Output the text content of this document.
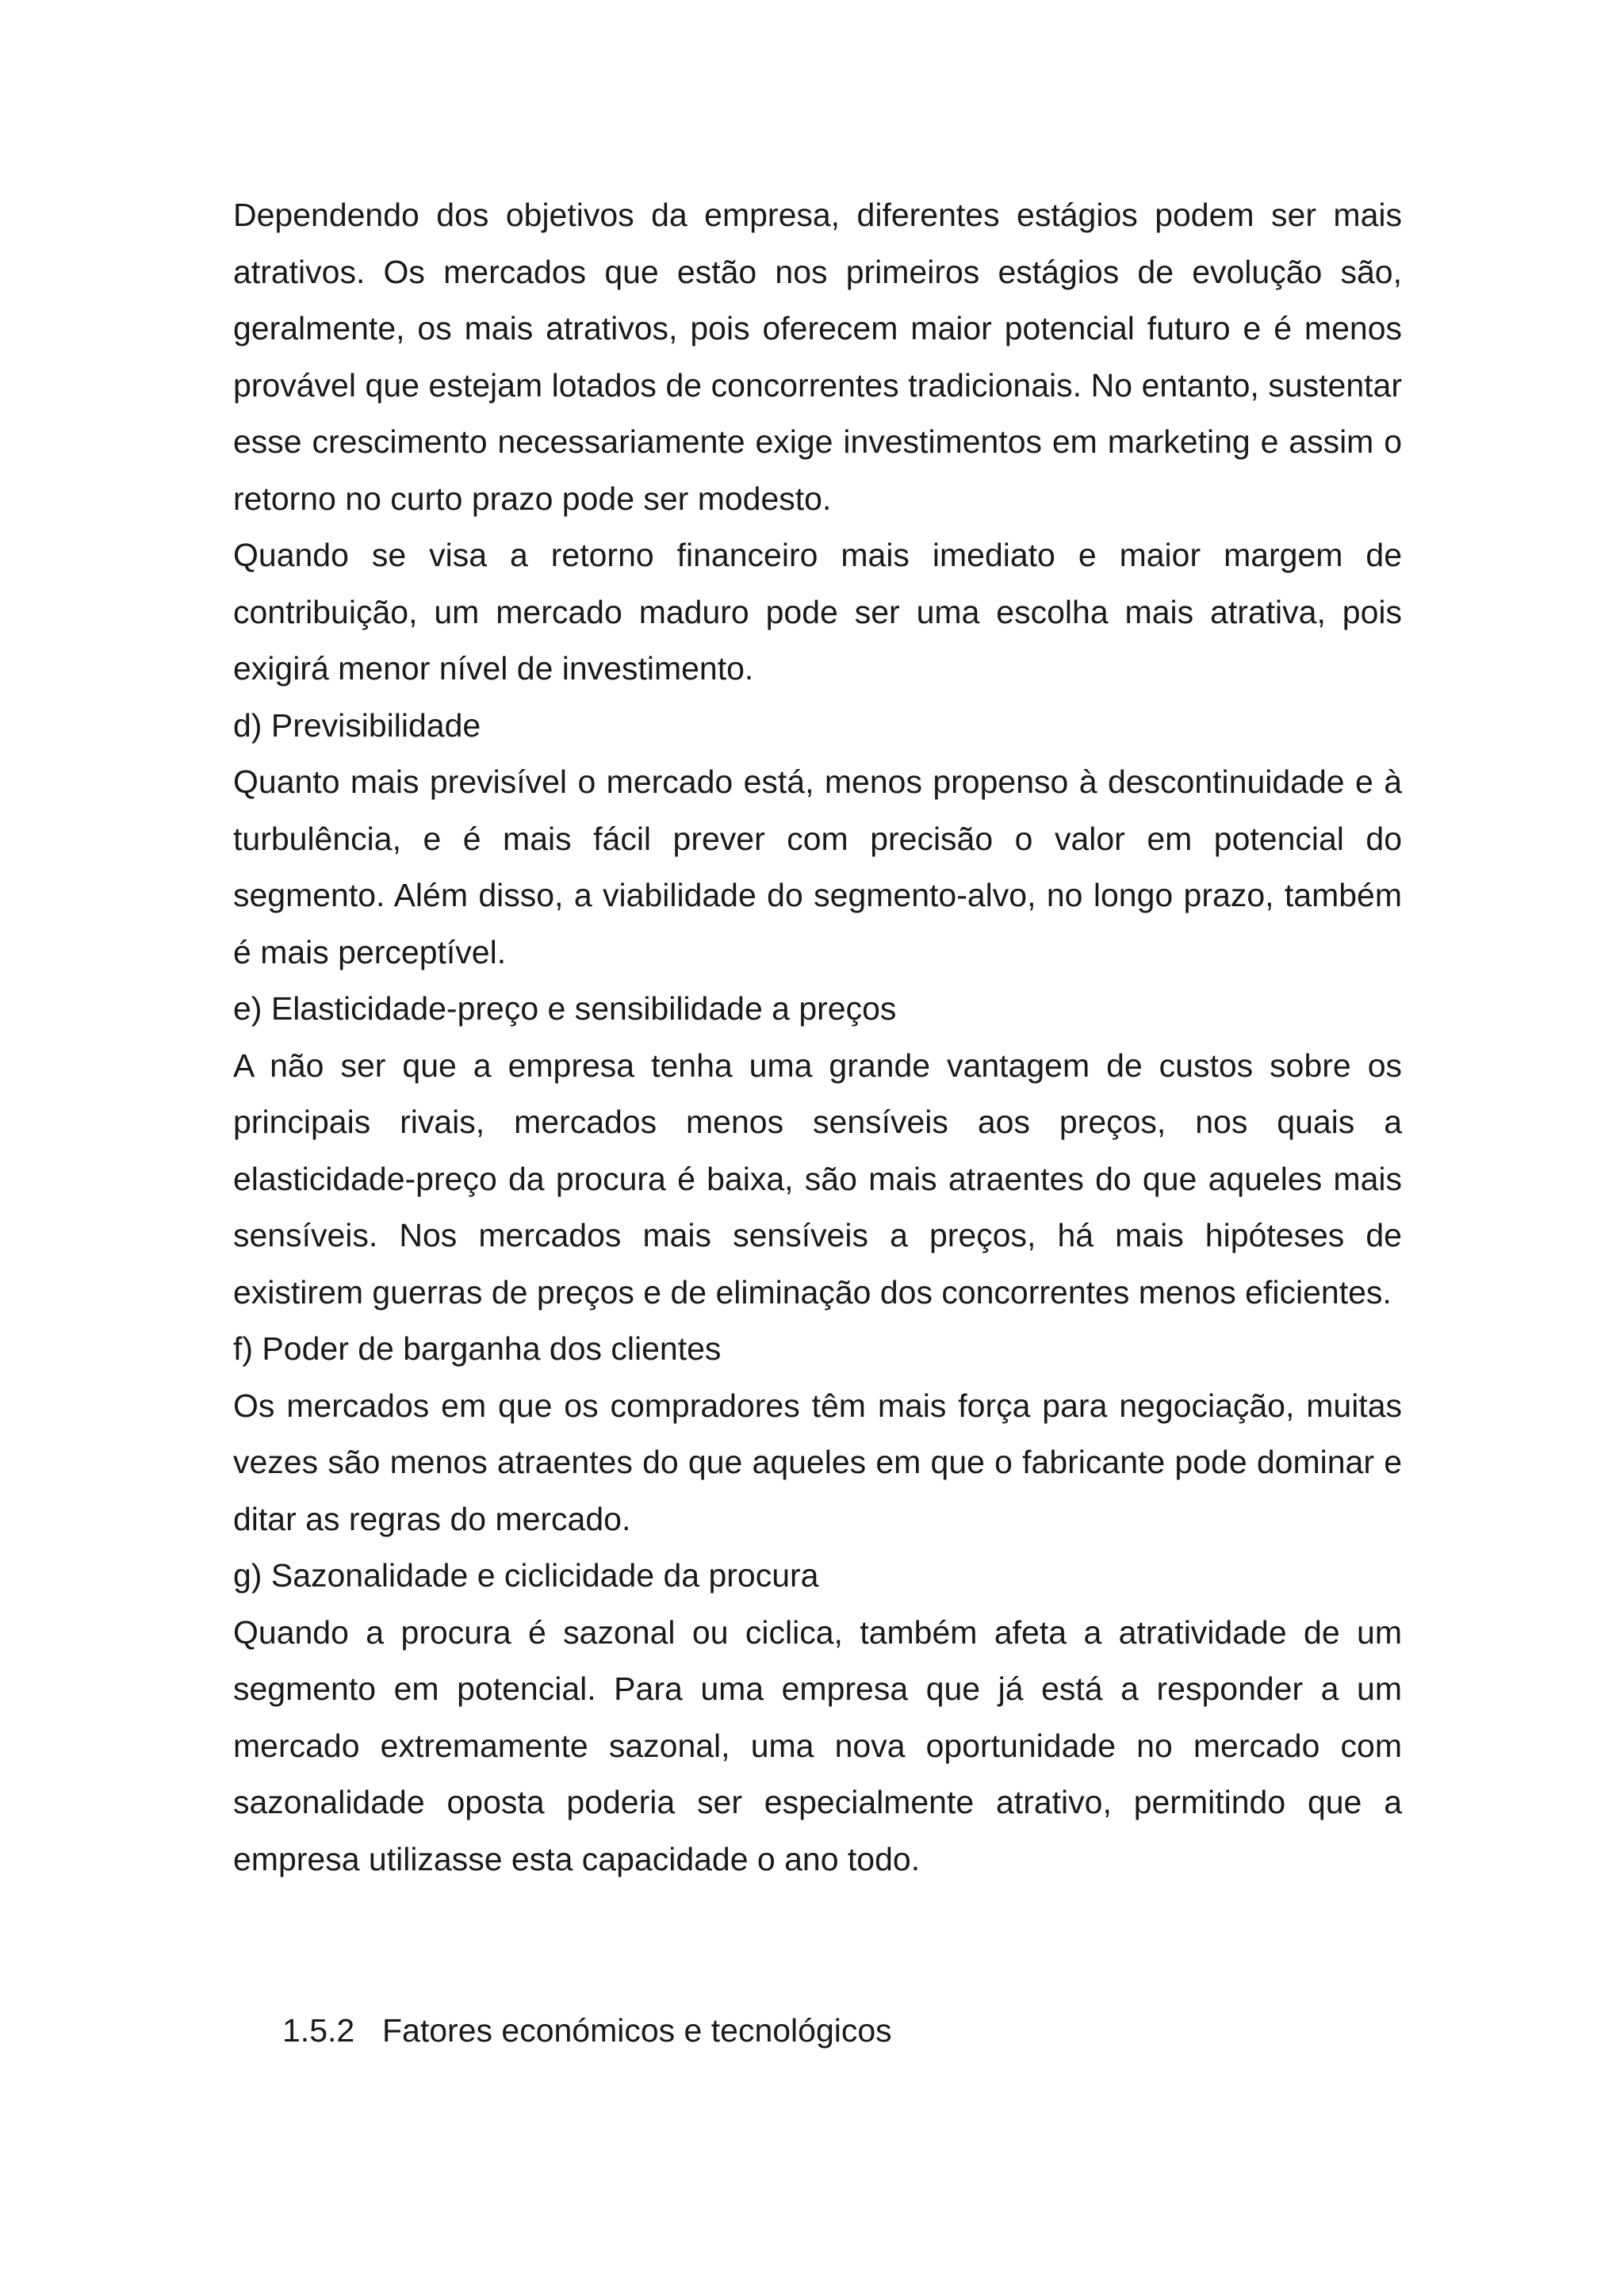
Dependendo dos objetivos da empresa, diferentes estágios podem ser mais atrativos. Os mercados que estão nos primeiros estágios de evolução são, geralmente, os mais atrativos, pois oferecem maior potencial futuro e é menos provável que estejam lotados de concorrentes tradicionais. No entanto, sustentar esse crescimento necessariamente exige investimentos em marketing e assim o retorno no curto prazo pode ser modesto.

Quando se visa a retorno financeiro mais imediato e maior margem de contribuição, um mercado maduro pode ser uma escolha mais atrativa, pois exigirá menor nível de investimento.

d) Previsibilidade

Quanto mais previsível o mercado está, menos propenso à descontinuidade e à turbulência, e é mais fácil prever com precisão o valor em potencial do segmento. Além disso, a viabilidade do segmento-alvo, no longo prazo, também é mais perceptível.

e) Elasticidade-preço e sensibilidade a preços

A não ser que a empresa tenha uma grande vantagem de custos sobre os principais rivais, mercados menos sensíveis aos preços, nos quais a elasticidade-preço da procura é baixa, são mais atraentes do que aqueles mais sensíveis. Nos mercados mais sensíveis a preços, há mais hipóteses de existirem guerras de preços e de eliminação dos concorrentes menos eficientes.

f) Poder de barganha dos clientes

Os mercados em que os compradores têm mais força para negociação, muitas vezes são menos atraentes do que aqueles em que o fabricante pode dominar e ditar as regras do mercado.

g) Sazonalidade e ciclicidade da procura

Quando a procura é sazonal ou ciclica, também afeta a atratividade de um segmento em potencial. Para uma empresa que já está a responder a um mercado extremamente sazonal, uma nova oportunidade no mercado com sazonalidade oposta poderia ser especialmente atrativo, permitindo que a empresa utilizasse esta capacidade o ano todo.

1.5.2 Fatores económicos e tecnológicos
